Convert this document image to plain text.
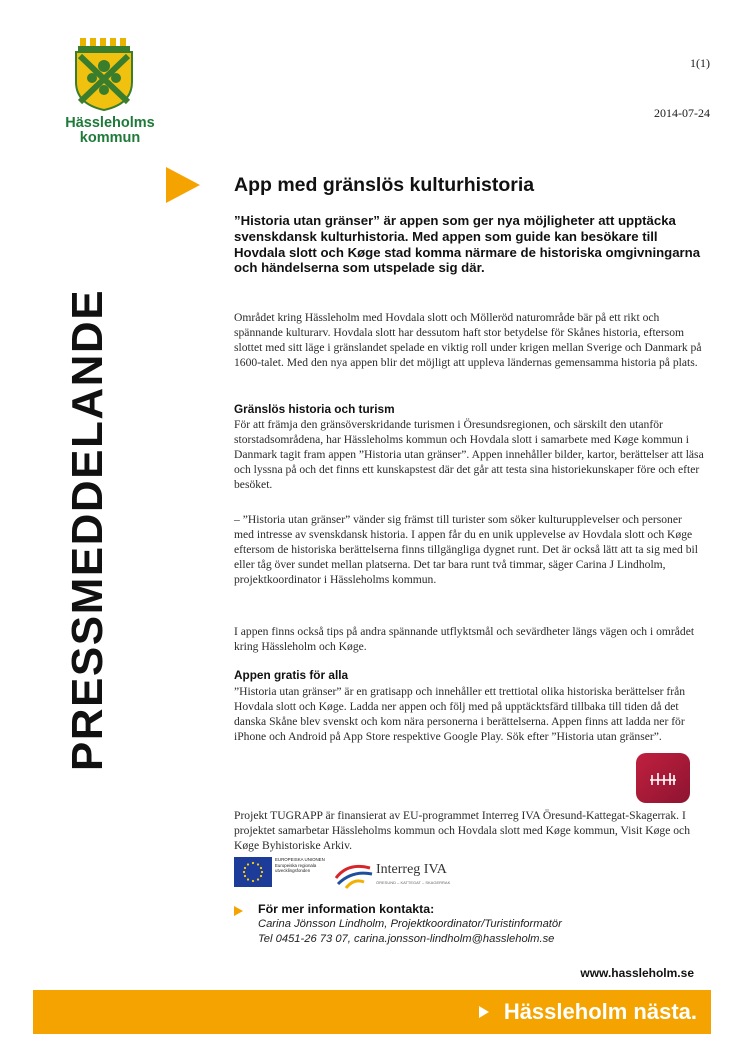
Hässleholms
kommun
1(1)
2014-07-24
PRESSMEDDELANDE
App med gränslös kulturhistoria
”Historia utan gränser” är appen som ger nya möjligheter att upptäcka svenskdansk kulturhistoria. Med appen som guide kan besökare till Hovdala slott och Køge stad komma närmare de historiska omgivningarna och händelserna som utspelade sig där.

Området kring Hässleholm med Hovdala slott och Mölleröd naturområde bär på ett rikt och spännande kulturarv. Hovdala slott har dessutom haft stor betydelse för Skånes historia, eftersom slottet med sitt läge i gränslandet spelade en viktig roll under krigen mellan Sverige och Danmark på 1600-talet. Med den nya appen blir det möjligt att uppleva ländernas gemensamma historia på plats.

Gränslös historia och turism

För att främja den gränsöverskridande turismen i Öresundsregionen, och särskilt den utanför storstadsområdena, har Hässleholms kommun och Hovdala slott i samarbete med Køge kommun i Danmark tagit fram appen ”Historia utan gränser”. Appen innehåller bilder, kartor, berättelser att läsa och lyssna på och det finns ett kunskapstest där det går att testa sina historiekunskaper före och efter besöket.

– ”Historia utan gränser” vänder sig främst till turister som söker kulturupplevelser och personer med intresse av svenskdansk historia. I appen får du en unik upplevelse av Hovdala slott och Køge eftersom de historiska berättelserna finns tillgängliga dygnet runt. Det är också lätt att ta sig med bil eller tåg över sundet mellan platserna. Det tar bara runt två timmar, säger Carina J Lindholm, projektkoordinator i Hässleholms kommun.

I appen finns också tips på andra spännande utflyktsmål och sevärdheter längs vägen och i området kring Hässleholm och Køge.

Appen gratis för alla

”Historia utan gränser” är en gratisapp och innehåller ett trettiotal olika historiska berättelser från Hovdala slott och Køge. Ladda ner appen och följ med på upptäcktsfärd tillbaka till tiden då det danska Skåne blev svenskt och kom nära personerna i berättelserna. Appen finns att ladda ner för iPhone och Android på App Store respektive Google Play. Sök efter ”Historia utan gränser”.

Projekt TUGRAPP är finansierat av EU-programmet Interreg IVA Öresund-Kattegat-Skagerrak. I projektet samarbetar Hässleholms kommun och Hovdala slott med Køge kommun, Visit Køge och Køge Byhistoriske Arkiv.

EUROPEISKA UNIONEN Europeiska regionala utvecklingsfonden	Interreg IVA
ÖRESUND – KATTEGAT – SKAGERRAK
För mer information kontakta:
Carina Jönsson Lindholm, Projektkoordinator/Turistinformatör
Tel 0451-26 73 07, carina.jonsson-lindholm@hassleholm.se
www.hassleholm.se
Hässleholm nästa.
